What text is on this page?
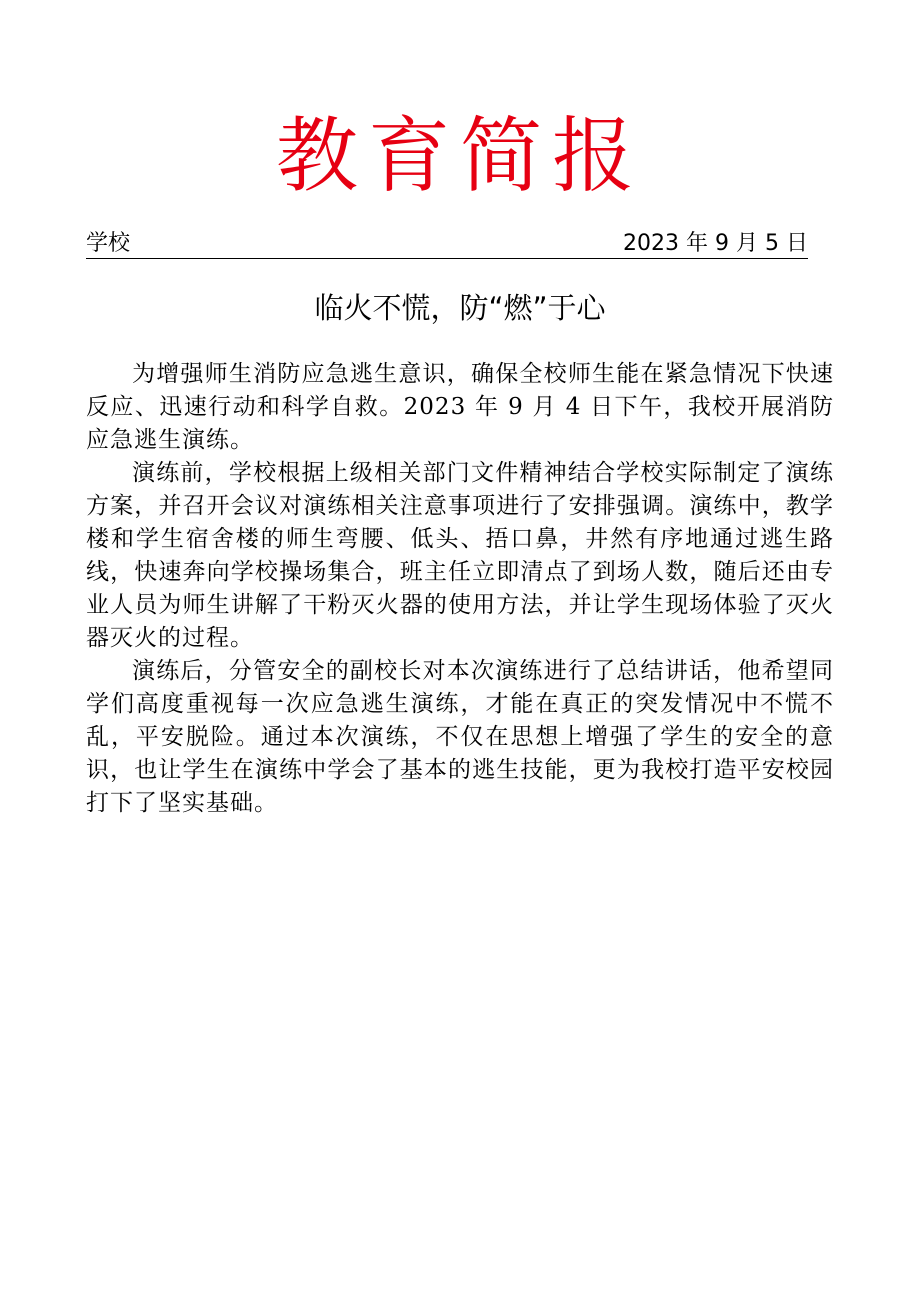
教育简报
学校	2023 年 9 月 5 日
临火不慌，防“燃”于心

为增强师生消防应急逃生意识，确保全校师生能在紧急情况下快速反应、迅速行动和科学自救。2023 年 9 月 4 日下午，我校开展消防应急逃生演练。

演练前，学校根据上级相关部门文件精神结合学校实际制定了演练方案，并召开会议对演练相关注意事项进行了安排强调。演练中，教学楼和学生宿舍楼的师生弯腰、低头、捂口鼻，井然有序地通过逃生路线，快速奔向学校操场集合，班主任立即清点了到场人数，随后还由专业人员为师生讲解了干粉灭火器的使用方法，并让学生现场体验了灭火器灭火的过程。

演练后，分管安全的副校长对本次演练进行了总结讲话，他希望同学们高度重视每一次应急逃生演练，才能在真正的突发情况中不慌不乱，平安脱险。通过本次演练，不仅在思想上增强了学生的安全的意识，也让学生在演练中学会了基本的逃生技能，更为我校打造平安校园打下了坚实基础。
